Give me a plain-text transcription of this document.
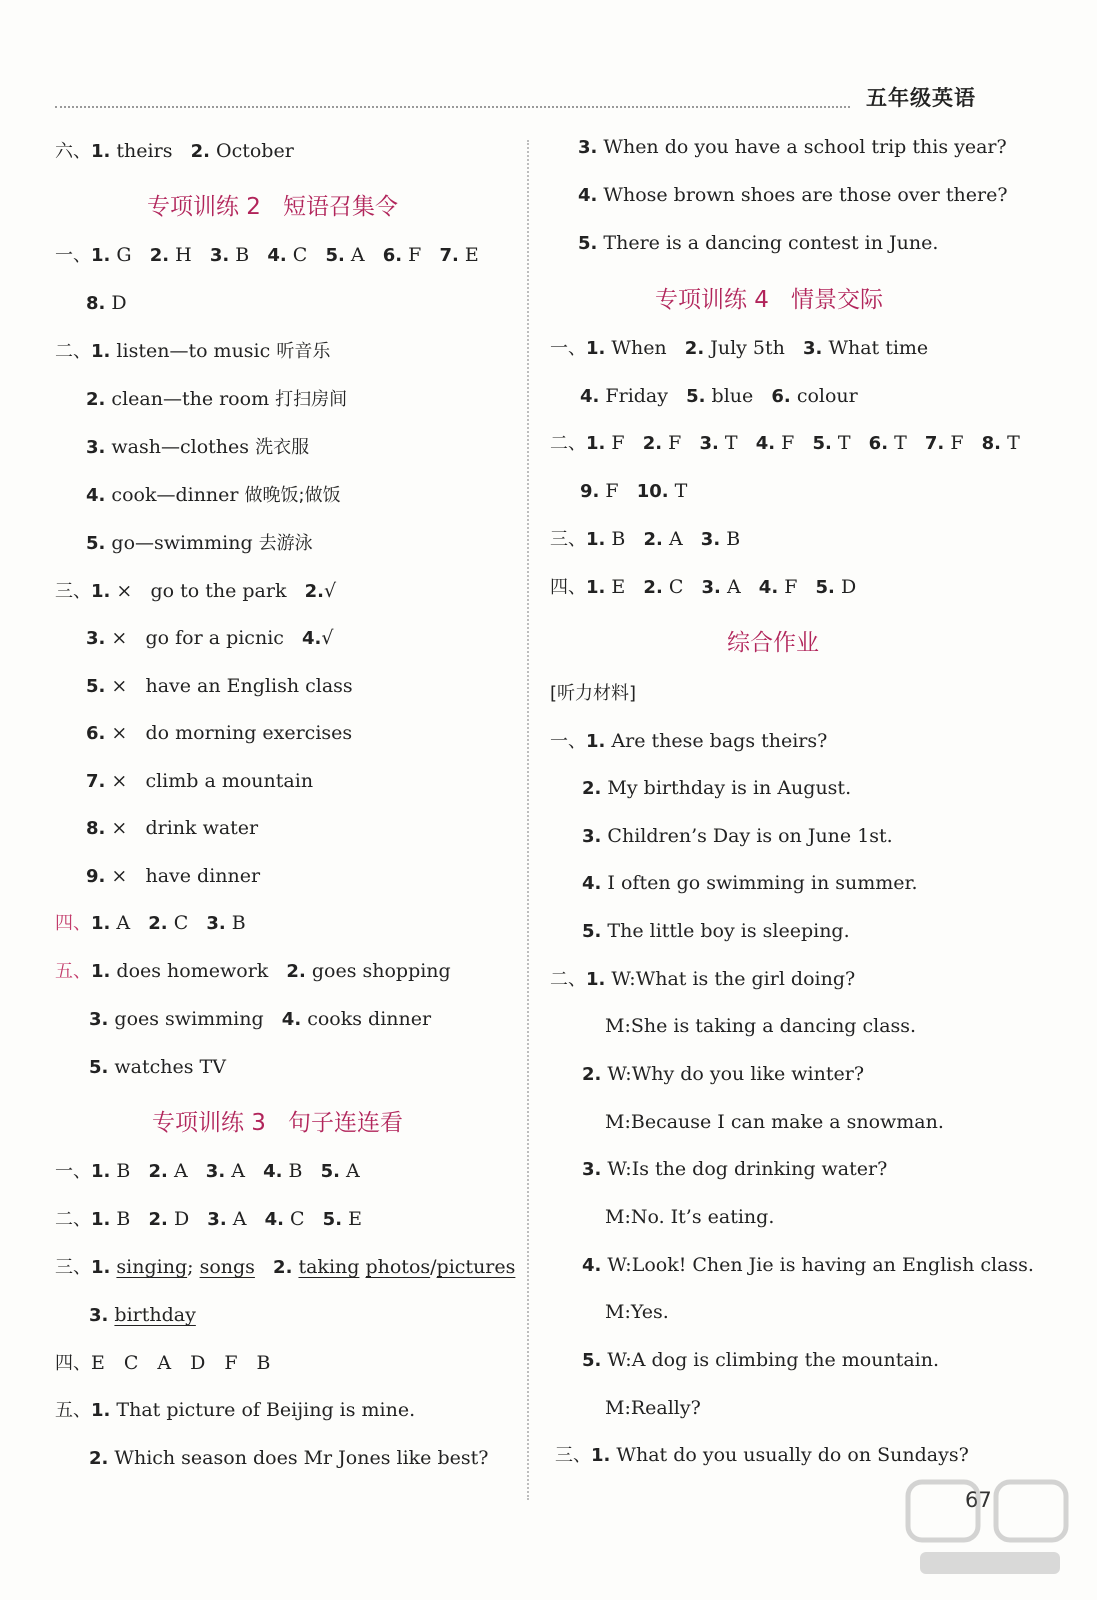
五年级英语
六、1. theirs 2. October
专项训练 2 短语召集令
一、1. G 2. H 3. B 4. C 5. A 6. F 7. E
8. D
二、1. listen—to music 听音乐
2. clean—the room 打扫房间
3. wash—clothes 洗衣服
4. cook—dinner 做晚饭;做饭
5. go—swimming 去游泳
三、1. × go to the park 2.√
3. × go for a picnic 4.√
5. × have an English class
6. × do morning exercises
7. × climb a mountain
8. × drink water
9. × have dinner
四、1. A 2. C 3. B
五、1. does homework 2. goes shopping
3. goes swimming 4. cooks dinner
5. watches TV
专项训练 3 句子连连看
一、1. B 2. A 3. A 4. B 5. A
二、1. B 2. D 3. A 4. C 5. E
三、1. singing; songs 2. taking photos/pictures
3. birthday
四、E　C　A　D　F　B
五、1. That picture of Beijing is mine.
2. Which season does Mr Jones like best?
3. When do you have a school trip this year?
4. Whose brown shoes are those over there?
5. There is a dancing contest in June.
专项训练 4 情景交际
一、1. When 2. July 5th 3. What time
4. Friday 5. blue 6. colour
二、1. F 2. F 3. T 4. F 5. T 6. T 7. F 8. T
9. F 10. T
三、1. B 2. A 3. B
四、1. E 2. C 3. A 4. F 5. D
综合作业
[听力材料]
一、1. Are these bags theirs?
2. My birthday is in August.
3. Children’s Day is on June 1st.
4. I often go swimming in summer.
5. The little boy is sleeping.
二、1. W:What is the girl doing?
M:She is taking a dancing class.
2. W:Why do you like winter?
M:Because I can make a snowman.
3. W:Is the dog drinking water?
M:No. It’s eating.
4. W:Look! Chen Jie is having an English class.
M:Yes.
5. W:A dog is climbing the mountain.
M:Really?
三、1. What do you usually do on Sundays?
67
